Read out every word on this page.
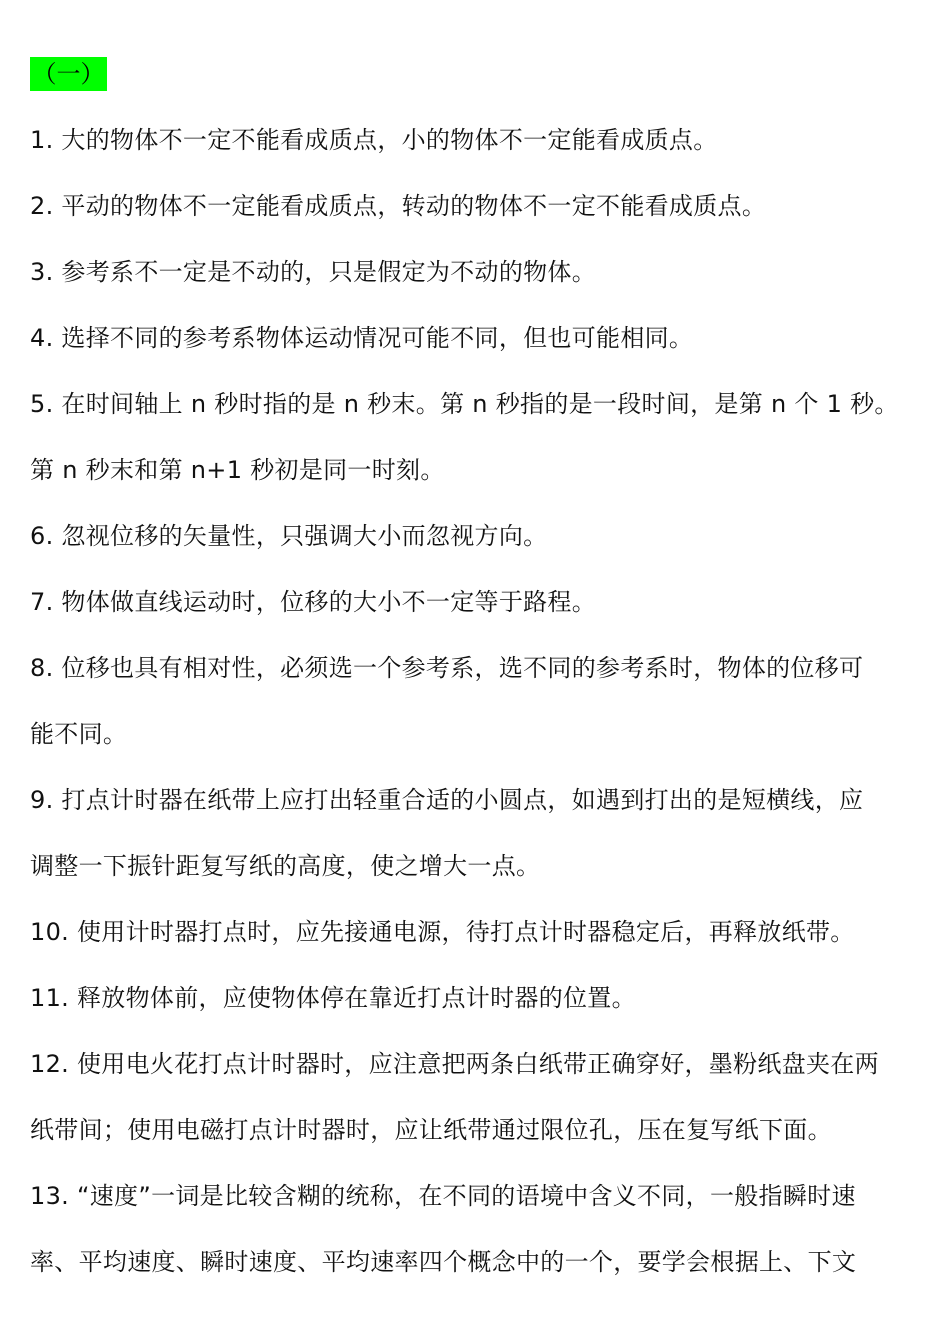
（一）
1. 大的物体不一定不能看成质点，小的物体不一定能看成质点。
2. 平动的物体不一定能看成质点，转动的物体不一定不能看成质点。
3. 参考系不一定是不动的，只是假定为不动的物体。
4. 选择不同的参考系物体运动情况可能不同，但也可能相同。
5. 在时间轴上 n 秒时指的是 n 秒末。第 n 秒指的是一段时间，是第 n 个 1 秒。
第 n 秒末和第 n+1 秒初是同一时刻。
6. 忽视位移的矢量性，只强调大小而忽视方向。
7. 物体做直线运动时，位移的大小不一定等于路程。
8. 位移也具有相对性，必须选一个参考系，选不同的参考系时，物体的位移可
能不同。
9. 打点计时器在纸带上应打出轻重合适的小圆点，如遇到打出的是短横线，应
调整一下振针距复写纸的高度，使之增大一点。
10. 使用计时器打点时，应先接通电源，待打点计时器稳定后，再释放纸带。
11. 释放物体前，应使物体停在靠近打点计时器的位置。
12. 使用电火花打点计时器时，应注意把两条白纸带正确穿好，墨粉纸盘夹在两
纸带间；使用电磁打点计时器时，应让纸带通过限位孔，压在复写纸下面。
13. “速度”一词是比较含糊的统称，在不同的语境中含义不同，一般指瞬时速
率、平均速度、瞬时速度、平均速率四个概念中的一个，要学会根据上、下文
